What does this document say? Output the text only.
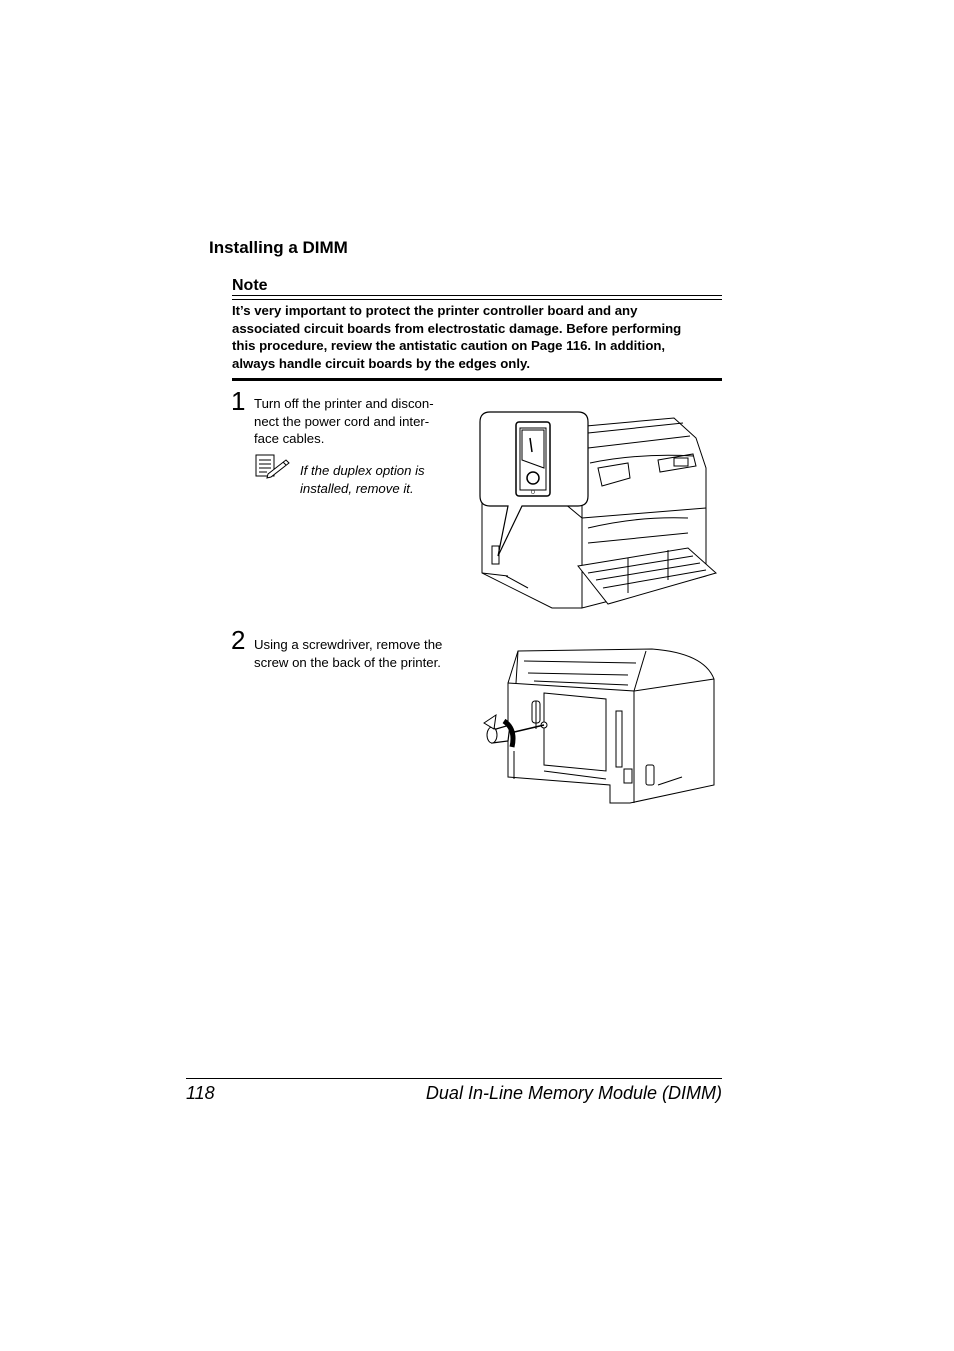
Installing a DIMM
Note
It’s very important to protect the printer controller board and any
associated circuit boards from electrostatic damage. Before performing
this procedure, review the antistatic caution on Page 116. In addition,
always handle circuit boards by the edges only.
1 Turn off the printer and discon-
nect the power cord and inter-
face cables.
If the duplex option is
installed, remove it.	O
2 Using a screwdriver, remove the
screw on the back of the printer.
118	Dual In-Line Memory Module (DIMM)
